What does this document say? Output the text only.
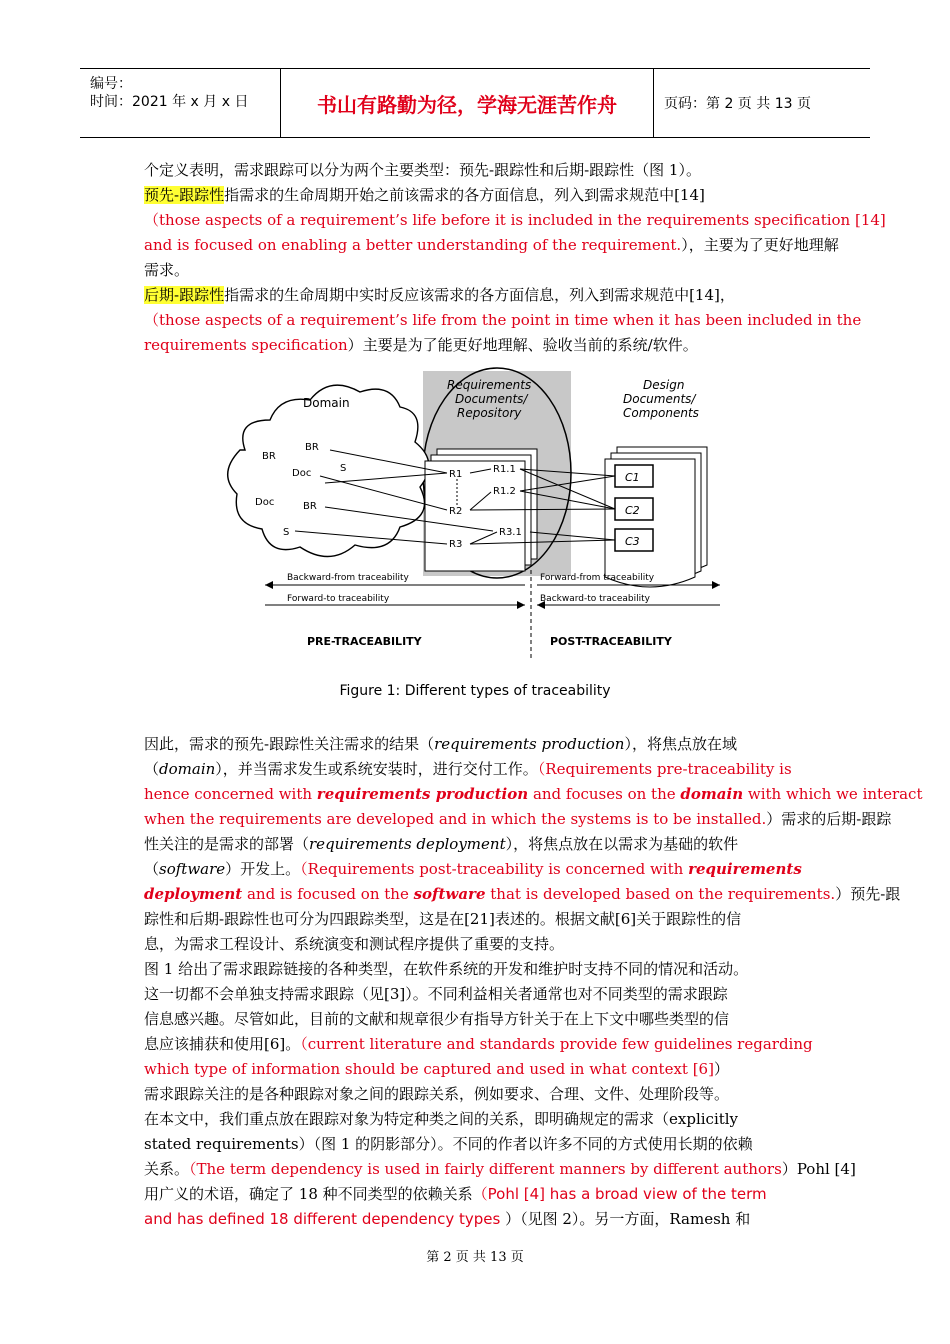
编号：
时间：2021 年 x 月 x 日	书山有路勤为径，学海无涯苦作舟	页码：第 2 页 共 13 页
个定义表明，需求跟踪可以分为两个主要类型：预先-跟踪性和后期-跟踪性（图 1）。
预先-跟踪性指需求的生命周期开始之前该需求的各方面信息，列入到需求规范中[14]
（those aspects of a requirement’s life before it is included in the requirements specification [14]
and is focused on enabling a better understanding of the requirement.），主要为了更好地理解
需求。
后期-跟踪性指需求的生命周期中实时反应该需求的各方面信息，列入到需求规范中[14]，
（those aspects of a requirement’s life from the point in time when it has been included in the
requirements specification）主要是为了能更好地理解、验收当前的系统/软件。
Domain
BR
BR
S
Doc
Doc	BR
S
Requirements
Documents/
Repository
R1	R1.1
R1.2
R2
R3.1
R3
Design
Documents/
Components
C1
C2
C3
Backward-from traceability
Forward-to traceability
Forward-from traceability
Backward-to traceability
PRE-TRACEABILITY	POST-TRACEABILITY
Figure 1: Different types of traceability
因此，需求的预先-跟踪性关注需求的结果（requirements production），将焦点放在域
（domain），并当需求发生或系统安装时，进行交付工作。（Requirements pre-traceability is
hence concerned with requirements production and focuses on the domain with which we interact
when the requirements are developed and in which the systems is to be installed.）需求的后期-跟踪
性关注的是需求的部署（requirements deployment），将焦点放在以需求为基础的软件
（software）开发上。（Requirements post-traceability is concerned with requirements
deployment and is focused on the software that is developed based on the requirements.）预先-跟
踪性和后期-跟踪性也可分为四跟踪类型，这是在[21]表述的。根据文献[6]关于跟踪性的信
息，为需求工程设计、系统演变和测试程序提供了重要的支持。
图 1 给出了需求跟踪链接的各种类型，在软件系统的开发和维护时支持不同的情况和活动。
这一切都不会单独支持需求跟踪（见[3]）。不同利益相关者通常也对不同类型的需求跟踪
信息感兴趣。尽管如此，目前的文献和规章很少有指导方针关于在上下文中哪些类型的信
息应该捕获和使用[6]。（current literature and standards provide few guidelines regarding
which type of information should be captured and used in what context [6]）
需求跟踪关注的是各种跟踪对象之间的跟踪关系，例如要求、合理、文件、处理阶段等。
在本文中，我们重点放在跟踪对象为特定种类之间的关系，即明确规定的需求（explicitly
stated requirements）（图 1 的阴影部分）。不同的作者以许多不同的方式使用长期的依赖
关系。（The term dependency is used in fairly different manners by different authors）Pohl [4]
用广义的术语，确定了 18 种不同类型的依赖关系（Pohl [4] has a broad view of the term
and has defined 18 different dependency types ）（见图 2）。另一方面，Ramesh 和
第 2 页 共 13 页
